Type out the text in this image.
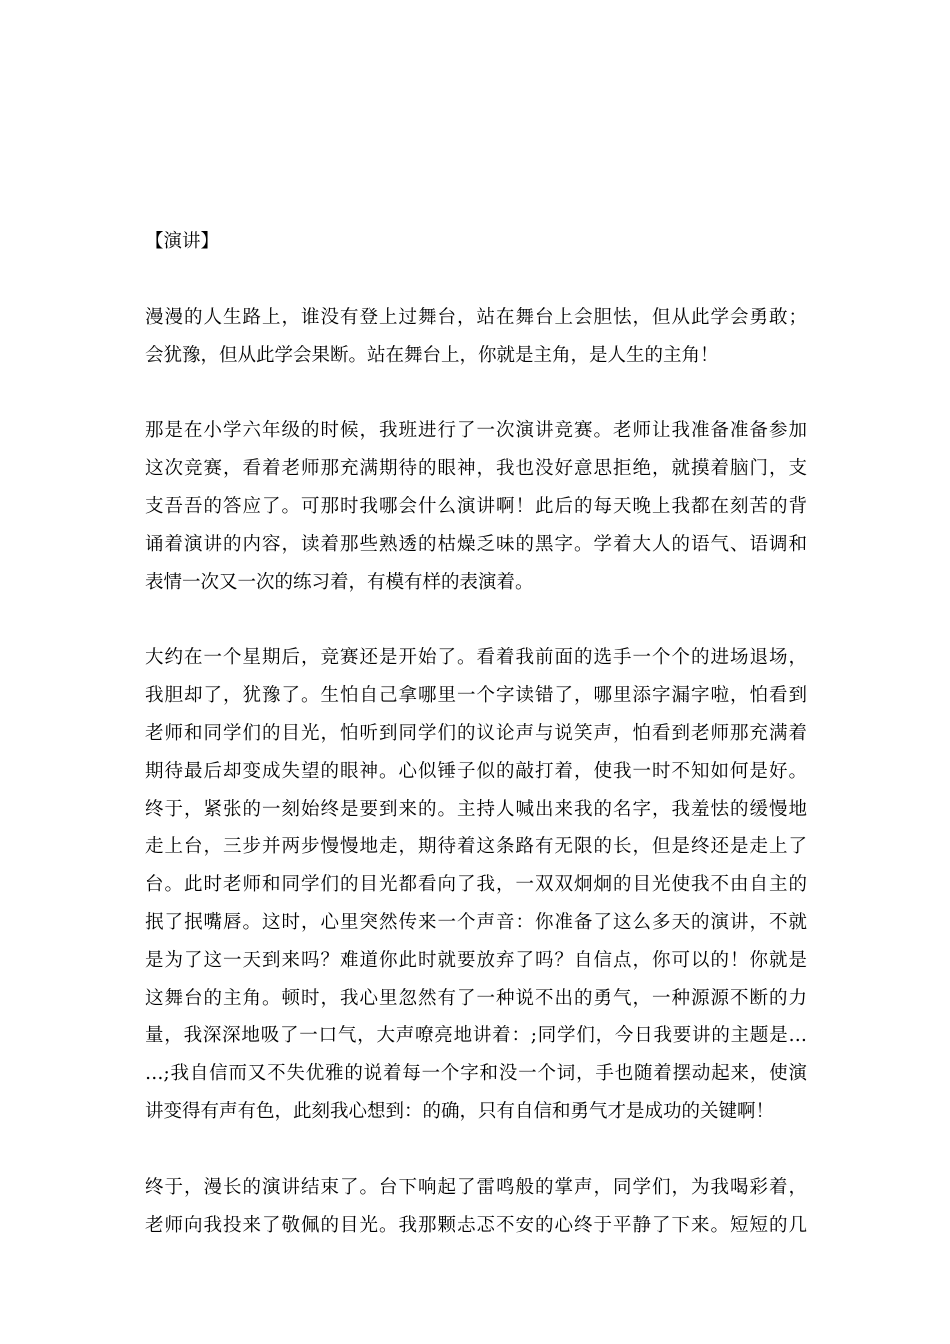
【演讲】
漫漫的人生路上，谁没有登上过舞台，站在舞台上会胆怯，但从此学会勇敢；
会犹豫，但从此学会果断。站在舞台上，你就是主角，是人生的主角！
那是在小学六年级的时候，我班进行了一次演讲竞赛。老师让我准备准备参加
这次竞赛，看着老师那充满期待的眼神，我也没好意思拒绝，就摸着脑门，支
支吾吾的答应了。可那时我哪会什么演讲啊！此后的每天晚上我都在刻苦的背
诵着演讲的内容，读着那些熟透的枯燥乏味的黑字。学着大人的语气、语调和
表情一次又一次的练习着，有模有样的表演着。
大约在一个星期后，竞赛还是开始了。看着我前面的选手一个个的进场退场，
我胆却了，犹豫了。生怕自己拿哪里一个字读错了，哪里添字漏字啦，怕看到
老师和同学们的目光，怕听到同学们的议论声与说笑声，怕看到老师那充满着
期待最后却变成失望的眼神。心似锤子似的敲打着，使我一时不知如何是好。
终于，紧张的一刻始终是要到来的。主持人喊出来我的名字，我羞怯的缓慢地
走上台，三步并两步慢慢地走，期待着这条路有无限的长，但是终还是走上了
台。此时老师和同学们的目光都看向了我，一双双炯炯的目光使我不由自主的
抿了抿嘴唇。这时，心里突然传来一个声音：你准备了这么多天的演讲，不就
是为了这一天到来吗？难道你此时就要放弃了吗？自信点，你可以的！你就是
这舞台的主角。顿时，我心里忽然有了一种说不出的勇气，一种源源不断的力
量，我深深地吸了一口气，大声嘹亮地讲着：;同学们，今日我要讲的主题是…
…;我自信而又不失优雅的说着每一个字和没一个词，手也随着摆动起来，使演
讲变得有声有色，此刻我心想到：的确，只有自信和勇气才是成功的关键啊！
终于，漫长的演讲结束了。台下响起了雷鸣般的掌声，同学们，为我喝彩着，
老师向我投来了敬佩的目光。我那颗忐忑不安的心终于平静了下来。短短的几
